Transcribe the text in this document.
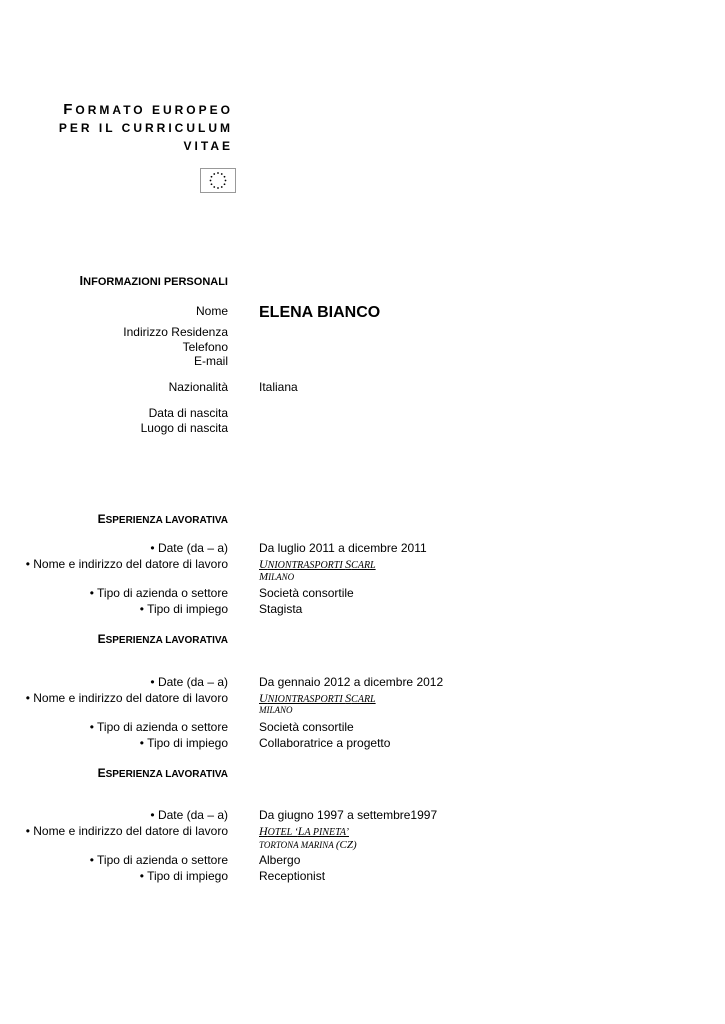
FORMATO EUROPEO
PER IL CURRICULUM
VITAE
INFORMAZIONI PERSONALI
Nome ELENA BIANCO
Indirizzo Residenza
Telefono
E-mail
Nazionalità	Italiana
Data di nascita
Luogo di nascita
ESPERIENZA LAVORATIVA
• Date (da – a)	Da luglio 2011 a dicembre 2011
• Nome e indirizzo del datore di lavoro	UNIONTRASPORTI SCARL
MILANO
• Tipo di azienda o settore	Società consortile
• Tipo di impiego	Stagista
ESPERIENZA LAVORATIVA
• Date (da – a)	Da gennaio 2012 a dicembre 2012
• Nome e indirizzo del datore di lavoro	UNIONTRASPORTI SCARL
MILANO
• Tipo di azienda o settore	Società consortile
• Tipo di impiego	Collaboratrice a progetto
ESPERIENZA LAVORATIVA
• Date (da – a)	Da giugno 1997 a settembre1997
• Nome e indirizzo del datore di lavoro	HOTEL ‘LA PINETA’
TORTONA MARINA (CZ)
• Tipo di azienda o settore	Albergo
• Tipo di impiego	Receptionist
